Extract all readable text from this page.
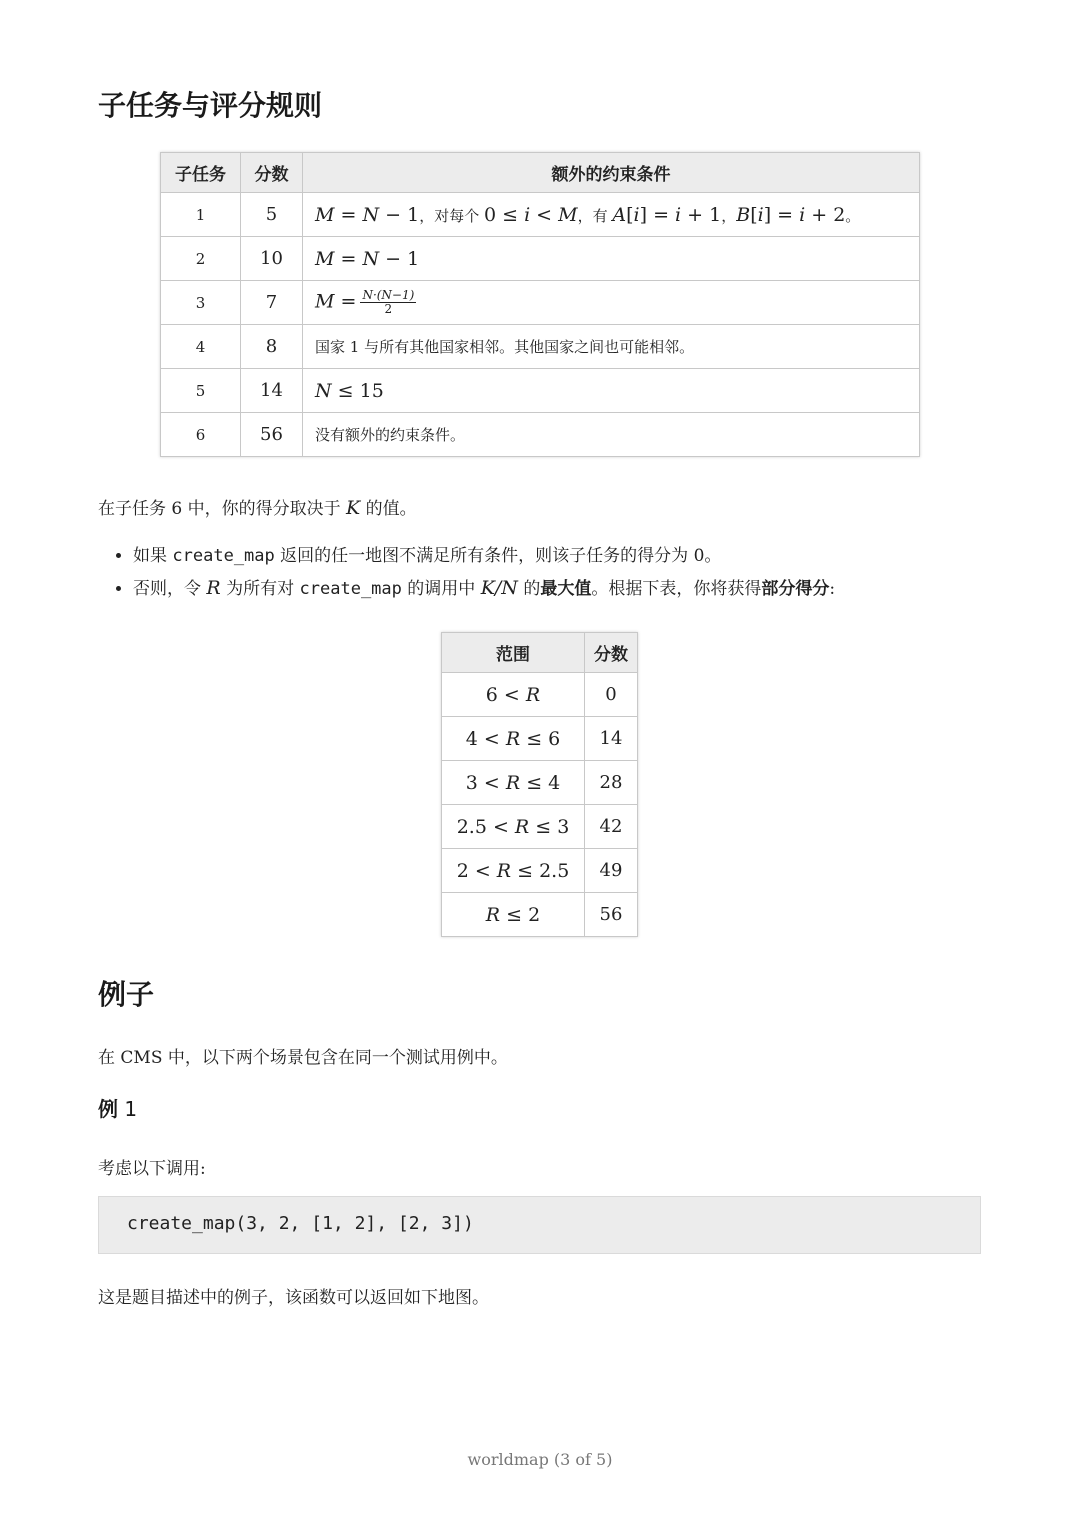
子任务与评分规则
子任务	分数	额外的约束条件
1	5	M = N − 1，对每个 0 ≤ i < M，有 A[i] = i + 1，B[i] = i + 2。
2	10	M = N − 1
3	7	$M = \frac{N\cdot(N-1)}{2}$

4	8	国家 1 与所有其他国家相邻。其他国家之间也可能相邻。
5	14	N ≤ 15
6	56	没有额外的约束条件。
在子任务 6 中，你的得分取决于 K 的值。
• 如果 create_map 返回的任一地图不满足所有条件，则该子任务的得分为 0。
• 否则，令 R 为所有对 create_map 的调用中 K/N 的最大值。根据下表，你将获得部分得分:
范围	分数
6 < R	0
4 < R ≤ 6	14
3 < R ≤ 4	28
2.5 < R ≤ 3	42
2 < R ≤ 2.5	49
R ≤ 2	56
例子
在 CMS 中，以下两个场景包含在同一个测试用例中。
例 1
考虑以下调用:
create_map(3, 2, [1, 2], [2, 3])
这是题目描述中的例子，该函数可以返回如下地图。
worldmap (3 of 5)
